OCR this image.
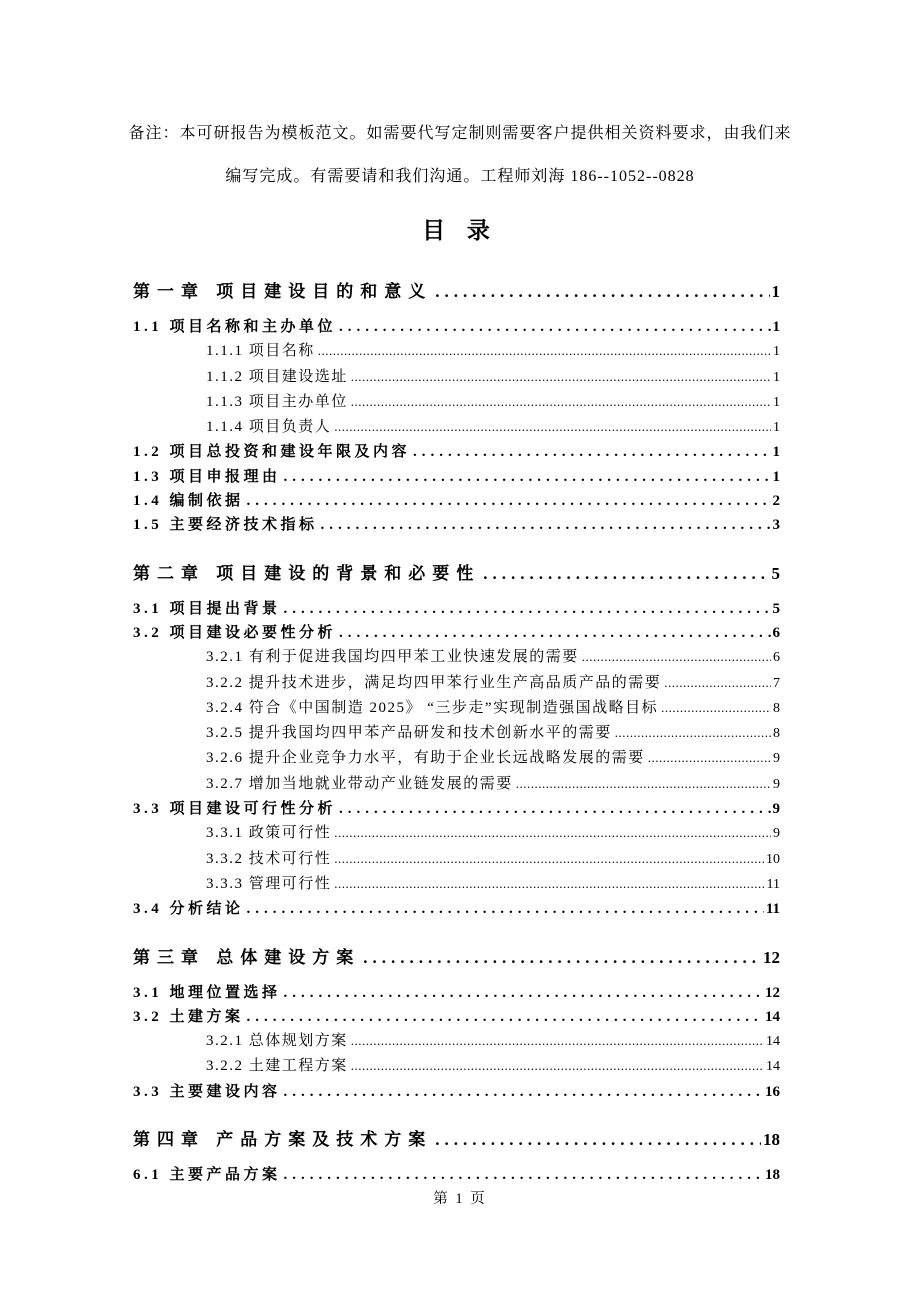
备注：本可研报告为模板范文。如需要代写定制则需要客户提供相关资料要求，由我们来
编写完成。有需要请和我们沟通。工程师刘海 186--1052--0828
目 录
第一章 项目建设目的和意义 .....	1
1.1 项目名称和主办单位 .....	1
1.1.1 项目名称 .....	1
1.1.2 项目建设选址 .....	1
1.1.3 项目主办单位 .....	1
1.1.4 项目负责人 .....	1
1.2 项目总投资和建设年限及内容 .....	1
1.3 项目申报理由 .....	1
1.4 编制依据 .....	2
1.5 主要经济技术指标 .....	3
第二章 项目建设的背景和必要性 .....	5
3.1 项目提出背景 .....	5
3.2 项目建设必要性分析 .....	6
3.2.1 有利于促进我国均四甲苯工业快速发展的需要 .....	6
3.2.2 提升技术进步，满足均四甲苯行业生产高品质产品的需要 .....	7
3.2.4 符合《中国制造 2025》 “三步走”实现制造强国战略目标 .....	8
3.2.5 提升我国均四甲苯产品研发和技术创新水平的需要 .....	8
3.2.6 提升企业竞争力水平，有助于企业长远战略发展的需要 .....	9
3.2.7 增加当地就业带动产业链发展的需要 .....	9
3.3 项目建设可行性分析 .....	9
3.3.1 政策可行性 .....	9
3.3.2 技术可行性 .....	10
3.3.3 管理可行性 .....	11
3.4 分析结论 .....	11
第三章 总体建设方案 .....	12
3.1 地理位置选择 .....	12
3.2 土建方案 .....	14
3.2.1 总体规划方案 .....	14
3.2.2 土建工程方案 .....	14
3.3 主要建设内容 .....	16
第四章 产品方案及技术方案 .....	18
6.1 主要产品方案 .....	18
第 1 页
